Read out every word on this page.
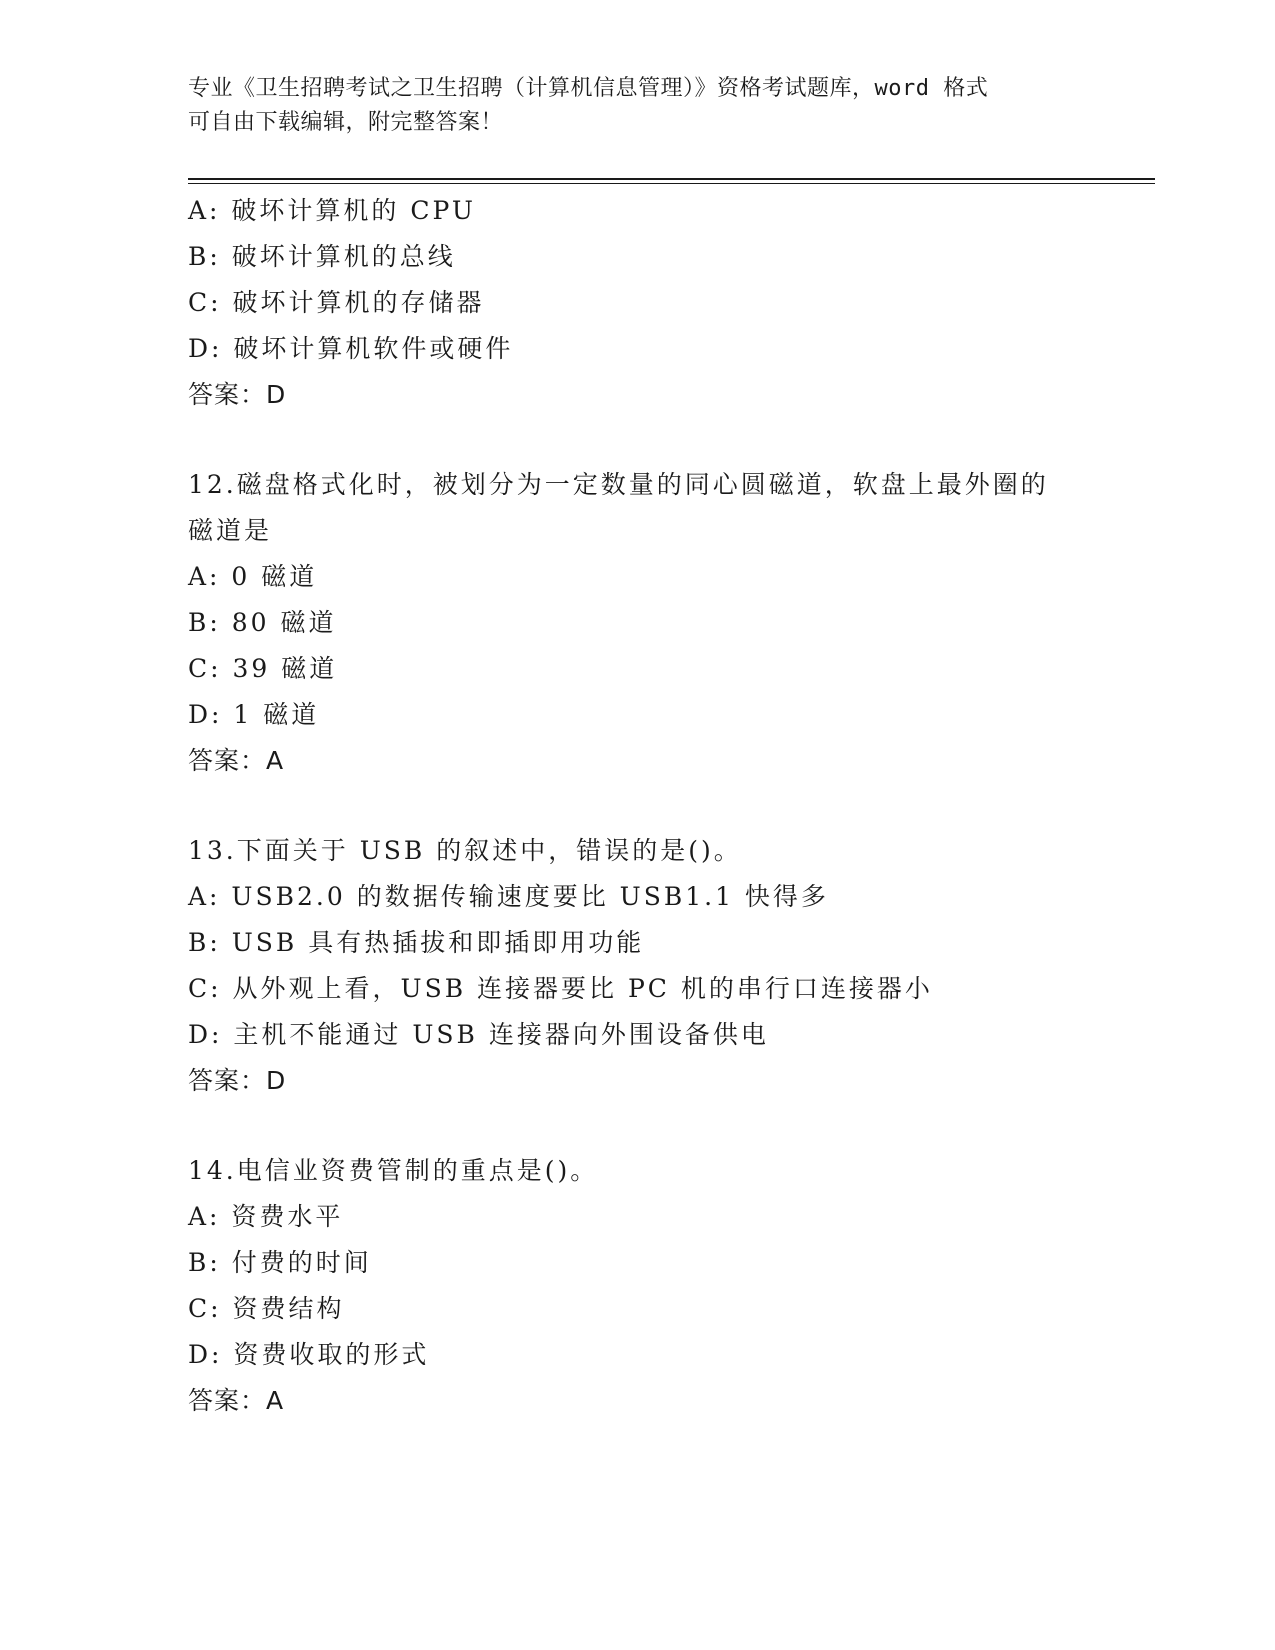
专业《卫生招聘考试之卫生招聘（计算机信息管理）》资格考试题库，word 格式
可自由下载编辑，附完整答案！
A: 破坏计算机的 CPU
B: 破坏计算机的总线
C: 破坏计算机的存储器
D: 破坏计算机软件或硬件
答案：D
12.磁盘格式化时，被划分为一定数量的同心圆磁道，软盘上最外圈的
磁道是
A: 0 磁道
B: 80 磁道
C: 39 磁道
D: 1 磁道
答案：A
13.下面关于 USB 的叙述中，错误的是()。
A: USB2.0 的数据传输速度要比 USB1.1 快得多
B: USB 具有热插拔和即插即用功能
C: 从外观上看，USB 连接器要比 PC 机的串行口连接器小
D: 主机不能通过 USB 连接器向外围设备供电
答案：D
14.电信业资费管制的重点是()。
A: 资费水平
B: 付费的时间
C: 资费结构
D: 资费收取的形式
答案：A
